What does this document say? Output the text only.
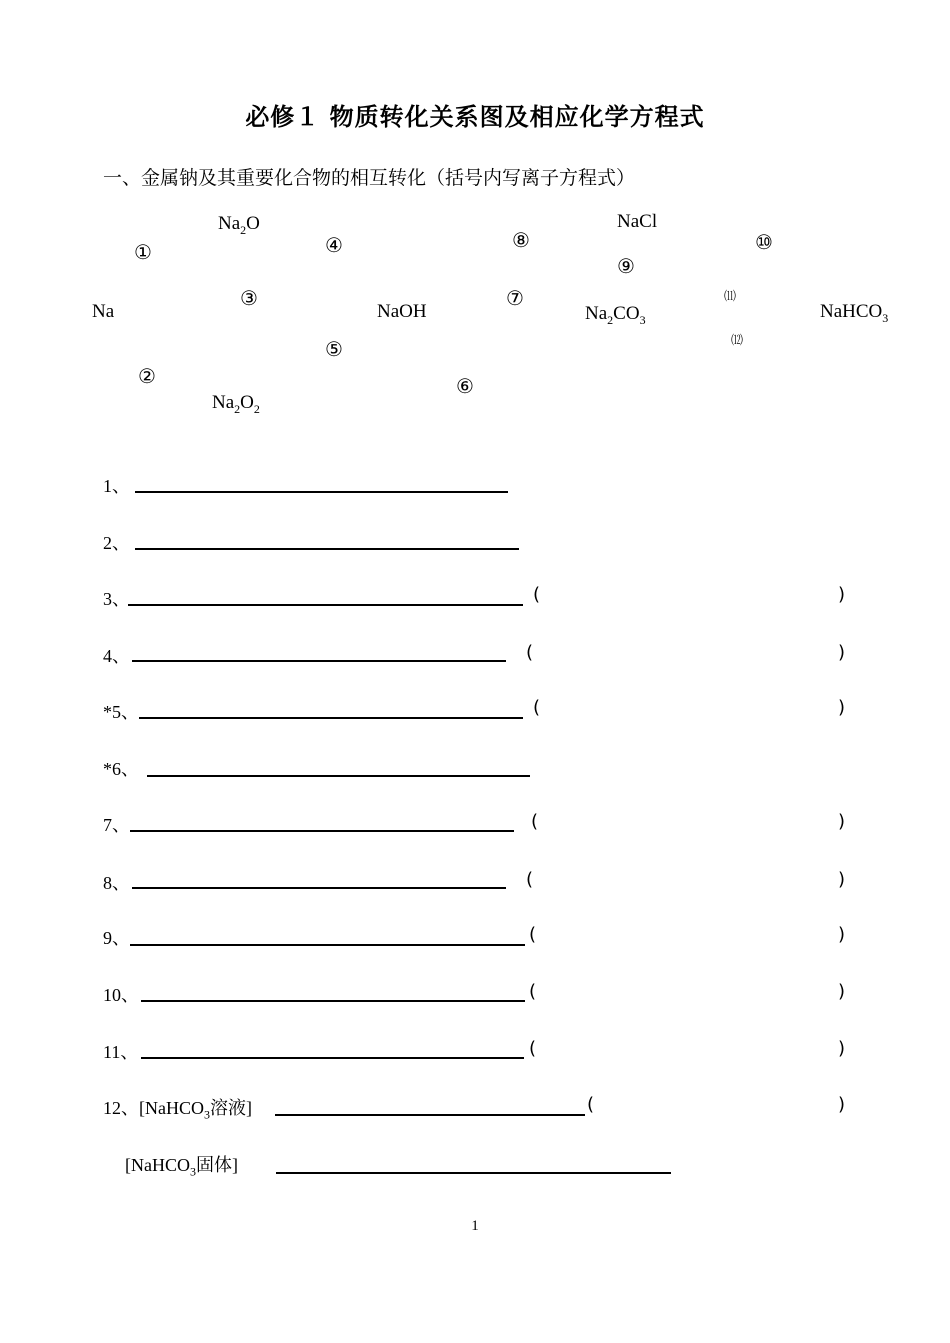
必修１ 物质转化关系图及相应化学方程式
一、金属钠及其重要化合物的相互转化（括号内写离子方程式）
Na
$Na_2O$
$Na_2O_2$
NaOH
NaCl
$Na_2CO_3$	NaHCO$_3$
①
②
③
④
⑤
⑥
⑦
⑧
⑨
⑩
⑾
⑿
1、
2、
3、	(	)
4、	(	)
*5、	(	)
*6、
7、	(	)
8、	(	)
9、	(	)
10、	(	)
11、	(	)
12、[NaHCO$_3$溶液]	(	)
[NaHCO$_3$固体]
1
